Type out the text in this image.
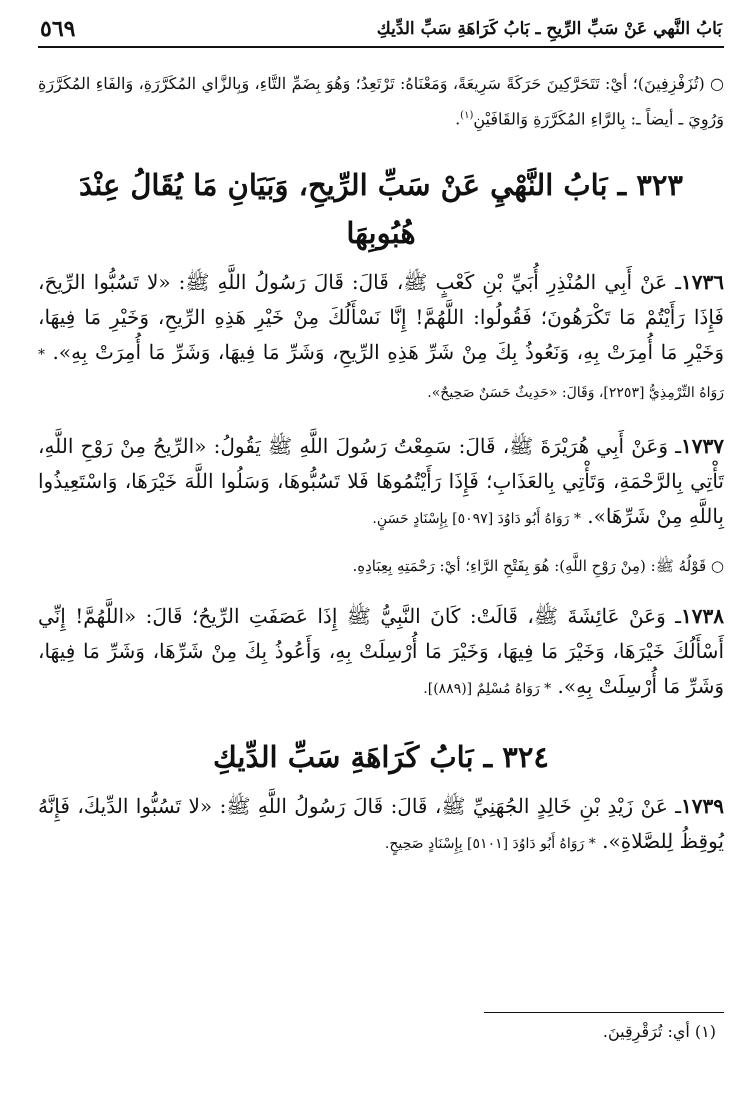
بَابُ النَّهي عَنْ سَبِّ الرِّيحِ ـ بَابُ كَرَاهَةِ سَبِّ الدِّيكِ
٥٦٩

○ (تُزَفْزِفِينَ)؛ أيْ: تَتَحَرَّكِينَ حَرَكَةً سَرِيعَةً، وَمَعْنَاهُ: تَرْتَعِدُ؛ وَهُوَ بِضَمِّ التَّاءِ، وَبِالزَّاي المُكَرَّرَةِ، وَالفَاءِ المُكَرَّرَةِ وَرُوِيَ ـ أيضاً ـ: بِالرَّاءِ المُكَرَّرَةِ وَالقَافَيْنِ$^{(١)}$.

٣٢٣ ـ بَابُ النَّهْيِ عَنْ سَبِّ الرِّيحِ، وَبَيَانِ مَا يُقَالُ عِنْدَ هُبُوبِهَا

١٧٣٦ـ عَنْ أَبِي المُنْذِرِ أُبَيِّ بْنِ كَعْبٍ ﷺ، قَالَ: قَالَ رَسُولُ اللَّهِ ﷺ: «لا تَسُبُّوا الرِّيحَ، فَإِذَا رَأَيْتُمْ مَا تَكْرَهُونَ؛ فَقُولُوا: اللَّهُمَّ! إِنَّا نَسْأَلُكَ مِنْ خَيْرِ هَذِهِ الرِّيحِ، وَخَيْرِ مَا فِيهَا، وَخَيْرِ مَا أُمِرَتْ بِهِ، وَنَعُوذُ بِكَ مِنْ شَرِّ هَذِهِ الرِّيحِ، وَشَرِّ مَا فِيهَا، وَشَرِّ مَا أُمِرَتْ بِهِ». * رَوَاهُ التِّرْمِذِيُّ [٢٢٥٣]، وَقَالَ: «حَدِيثٌ حَسَنٌ صَحِيحٌ».

١٧٣٧ـ وَعَنْ أَبِي هُرَيْرَةَ ﷺ، قَالَ: سَمِعْتُ رَسُولَ اللَّهِ ﷺ يَقُولُ: «الرِّيحُ مِنْ رَوْحِ اللَّهِ، تَأْتِي بِالرَّحْمَةِ، وَتَأْتِي بِالعَذَابِ؛ فَإِذَا رَأَيْتُمُوهَا فَلا تَسُبُّوهَا، وَسَلُوا اللَّهَ خَيْرَهَا، وَاسْتَعِيذُوا بِاللَّهِ مِنْ شَرِّهَا». * رَوَاهُ أَبُو دَاوُدَ [٥٠٩٧] بِإِسْنَادٍ حَسَنٍ.

○ قَوْلُهُ ﷺ: (مِنْ رَوْحِ اللَّهِ): هُوَ بِفَتْحِ الرَّاءِ؛ أيْ: رَحْمَتِهِ بِعِبَادِهِ.

١٧٣٨ـ وَعَنْ عَائِشَةَ ﷺ، قَالَتْ: كَانَ النَّبِيُّ ﷺ إِذَا عَصَفَتِ الرِّيحُ؛ قَالَ: «اللَّهُمَّ! إِنِّي أَسْأَلُكَ خَيْرَهَا، وَخَيْرَ مَا فِيهَا، وَخَيْرَ مَا أُرْسِلَتْ بِهِ، وَأَعُوذُ بِكَ مِنْ شَرِّهَا، وَشَرِّ مَا فِيهَا، وَشَرِّ مَا أُرْسِلَتْ بِهِ». * رَوَاهُ مُسْلِمٌ [(٨٨٩)].

٣٢٤ ـ بَابُ كَرَاهَةِ سَبِّ الدِّيكِ

١٧٣٩ـ عَنْ زَيْدِ بْنِ خَالِدٍ الجُهَنِيِّ ﷺ، قَالَ: قَالَ رَسُولُ اللَّهِ ﷺ: «لا تَسُبُّوا الدِّيكَ، فَإِنَّهُ يُوقِظُ لِلصَّلاةِ». * رَوَاهُ أَبُو دَاوُدَ [٥١٠١] بِإِسْنَادٍ صَحِيحٍ.

(١) أي: تُرَقْرِقِينَ.
